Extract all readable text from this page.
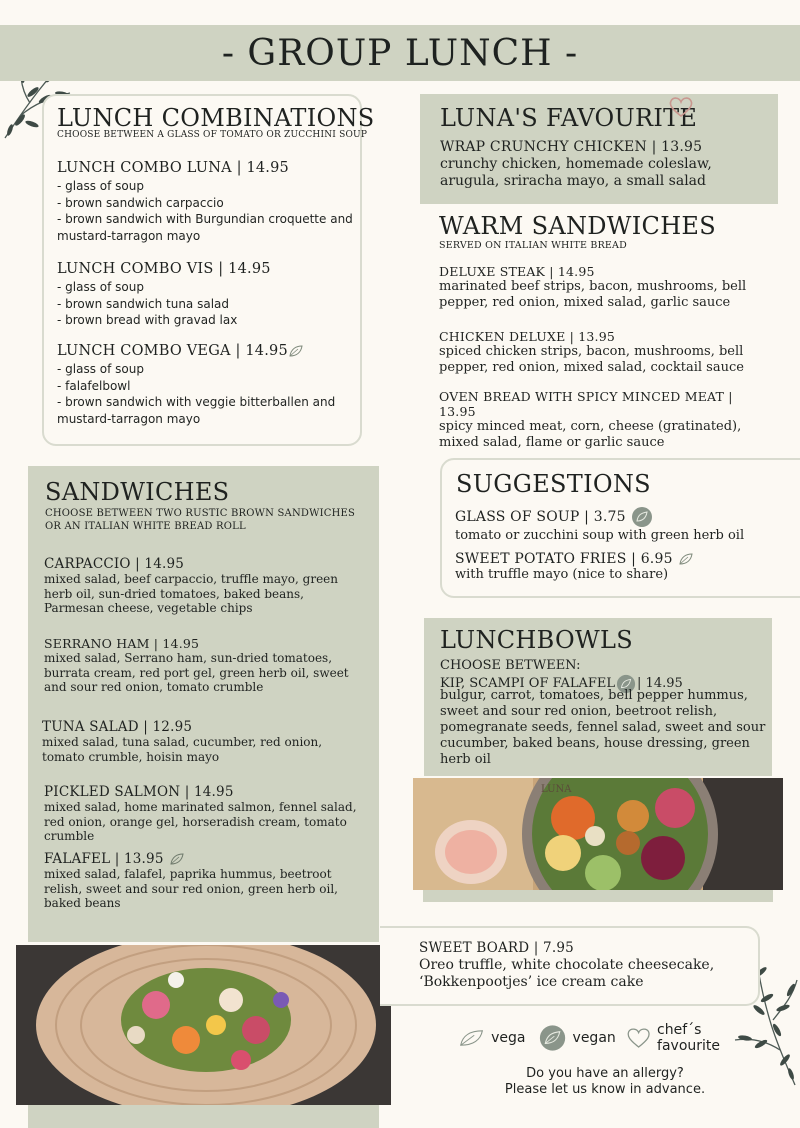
- GROUP LUNCH -
LUNCH COMBINATIONS
CHOOSE BETWEEN A GLASS OF TOMATO OR ZUCCHINI SOUP
LUNCH COMBO LUNA | 14.95
- glass of soup
- brown sandwich carpaccio
- brown sandwich with Burgundian croquette and mustard-tarragon mayo
LUNCH COMBO VIS | 14.95
- glass of soup
- brown sandwich tuna salad
- brown bread with gravad lax
LUNCH COMBO VEGA | 14.95
- glass of soup
- falafelbowl
- brown sandwich with veggie bitterballen and mustard-tarragon mayo
LUNA'S FAVOURITE
WRAP CRUNCHY CHICKEN | 13.95
crunchy chicken, homemade coleslaw, arugula, sriracha mayo, a small salad
WARM SANDWICHES
SERVED ON ITALIAN WHITE BREAD
DELUXE STEAK | 14.95
marinated beef strips, bacon, mushrooms, bell pepper, red onion, mixed salad, garlic sauce
CHICKEN DELUXE | 13.95
spiced chicken strips, bacon, mushrooms, bell pepper, red onion, mixed salad, cocktail sauce
OVEN BREAD WITH SPICY MINCED MEAT | 13.95
spicy minced meat, corn, cheese (gratinated), mixed salad, flame or garlic sauce
SUGGESTIONS
GLASS OF SOUP | 3.75
tomato or zucchini soup with green herb oil
SWEET POTATO FRIES | 6.95
with truffle mayo (nice to share)
LUNCHBOWLS
CHOOSE BETWEEN:
KIP, SCAMPI OF FALAFEL | 14.95
bulgur, carrot, tomatoes, bell pepper hummus, sweet and sour red onion, beetroot relish, pomegranate seeds, fennel salad, sweet and sour cucumber, baked beans, house dressing, green herb oil
LUNA
SANDWICHES
CHOOSE BETWEEN TWO RUSTIC BROWN SANDWICHES OR AN ITALIAN WHITE BREAD ROLL
CARPACCIO | 14.95
mixed salad, beef carpaccio, truffle mayo, green herb oil, sun-dried tomatoes, baked beans, Parmesan cheese, vegetable chips
SERRANO HAM | 14.95
mixed salad, Serrano ham, sun-dried tomatoes, burrata cream, red port gel, green herb oil, sweet and sour red onion, tomato crumble
TUNA SALAD | 12.95
mixed salad, tuna salad, cucumber, red onion, tomato crumble, hoisin mayo
PICKLED SALMON | 14.95
mixed salad, home marinated salmon, fennel salad, red onion, orange gel, horseradish cream, tomato crumble
FALAFEL | 13.95
mixed salad, falafel, paprika hummus, beetroot relish, sweet and sour red onion, green herb oil, baked beans
SWEET BOARD | 7.95
Oreo truffle, white chocolate cheesecake, ‘Bokkenpootjes’ ice cream cake
vega	vegan	chef´s favourite
Do you have an allergy?
Please let us know in advance.
